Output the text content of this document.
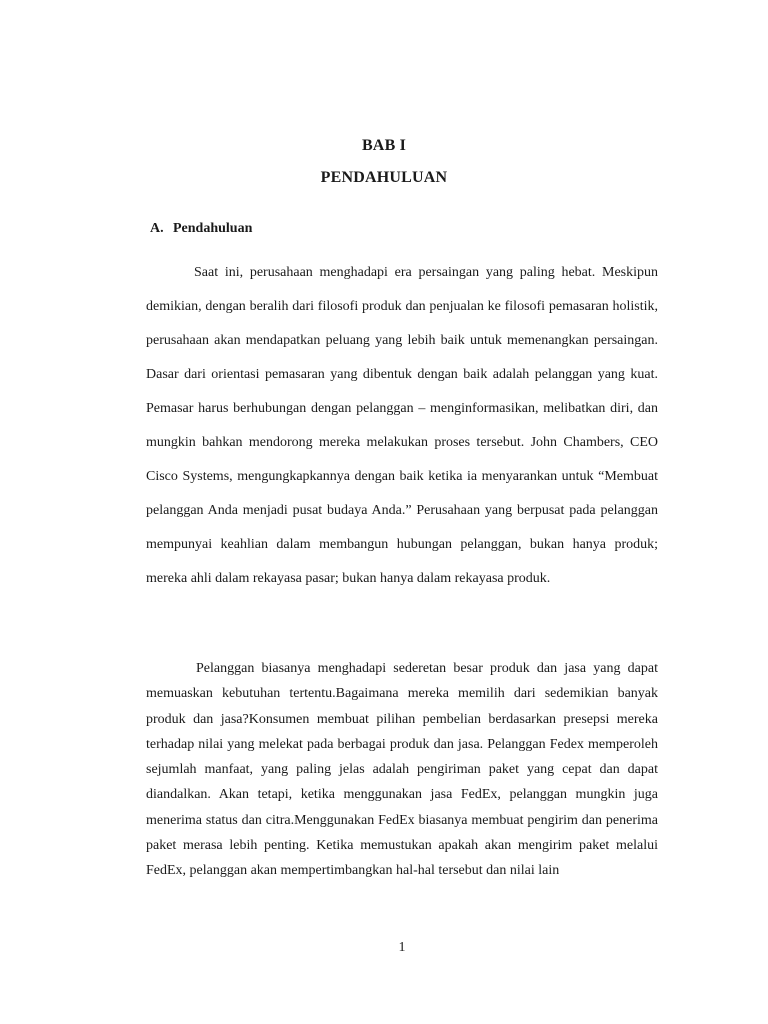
BAB I
PENDAHULUAN
A. Pendahuluan

Saat ini, perusahaan menghadapi era persaingan yang paling hebat. Meskipun demikian, dengan beralih dari filosofi produk dan penjualan ke filosofi pemasaran holistik, perusahaan akan mendapatkan peluang yang lebih baik untuk memenangkan persaingan. Dasar dari orientasi pemasaran yang dibentuk dengan baik adalah pelanggan yang kuat. Pemasar harus berhubungan dengan pelanggan – menginformasikan, melibatkan diri, dan mungkin bahkan mendorong mereka melakukan proses tersebut. John Chambers, CEO Cisco Systems, mengungkapkannya dengan baik ketika ia menyarankan untuk “Membuat pelanggan Anda menjadi pusat budaya Anda.” Perusahaan yang berpusat pada pelanggan mempunyai keahlian dalam membangun hubungan pelanggan, bukan hanya produk; mereka ahli dalam rekayasa pasar; bukan hanya dalam rekayasa produk.

Pelanggan biasanya menghadapi sederetan besar produk dan jasa yang dapat memuaskan kebutuhan tertentu.Bagaimana mereka memilih dari sedemikian banyak produk dan jasa?Konsumen membuat pilihan pembelian berdasarkan presepsi mereka terhadap nilai yang melekat pada berbagai produk dan jasa. Pelanggan Fedex memperoleh sejumlah manfaat, yang paling jelas adalah pengiriman paket yang cepat dan dapat diandalkan. Akan tetapi, ketika menggunakan jasa FedEx, pelanggan mungkin juga menerima status dan citra.Menggunakan FedEx biasanya membuat pengirim dan penerima paket merasa lebih penting. Ketika memustukan apakah akan mengirim paket melalui FedEx, pelanggan akan mempertimbangkan hal-hal tersebut dan nilai lain

1
